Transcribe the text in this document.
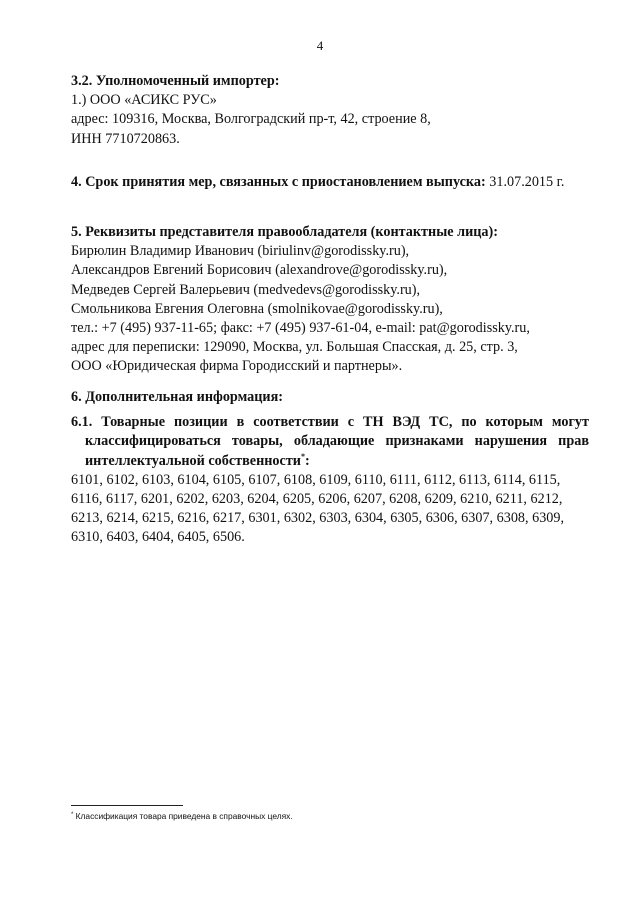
4
3.2. Уполномоченный импортер:
1.) ООО «АСИКС РУС»
адрес: 109316, Москва, Волгоградский пр-т, 42, строение 8,
ИНН 7710720863.
4. Срок принятия мер, связанных с приостановлением выпуска: 31.07.2015 г.
5. Реквизиты представителя правообладателя (контактные лица):
Бирюлин Владимир Иванович (biriulinv@gorodissky.ru),
Александров Евгений Борисович (alexandrove@gorodissky.ru),
Медведев Сергей Валерьевич (medvedevs@gorodissky.ru),
Смольникова Евгения Олеговна (smolnikovae@gorodissky.ru),
тел.: +7 (495) 937-11-65; факс: +7 (495) 937-61-04, e-mail: pat@gorodissky.ru,
адрес для переписки: 129090, Москва, ул. Большая Спасская, д. 25, стр. 3,
ООО «Юридическая фирма Городисский и партнеры».
6. Дополнительная информация:
6.1. Товарные позиции в соответствии с ТН ВЭД ТС, по которым могут
классифицироваться товары, обладающие признаками нарушения прав
интеллектуальной собственности*:
6101, 6102, 6103, 6104, 6105, 6107, 6108, 6109, 6110, 6111, 6112, 6113, 6114, 6115,
6116, 6117, 6201, 6202, 6203, 6204, 6205, 6206, 6207, 6208, 6209, 6210, 6211, 6212,
6213, 6214, 6215, 6216, 6217, 6301, 6302, 6303, 6304, 6305, 6306, 6307, 6308, 6309,
6310, 6403, 6404, 6405, 6506.
* Классификация товара приведена в справочных целях.
